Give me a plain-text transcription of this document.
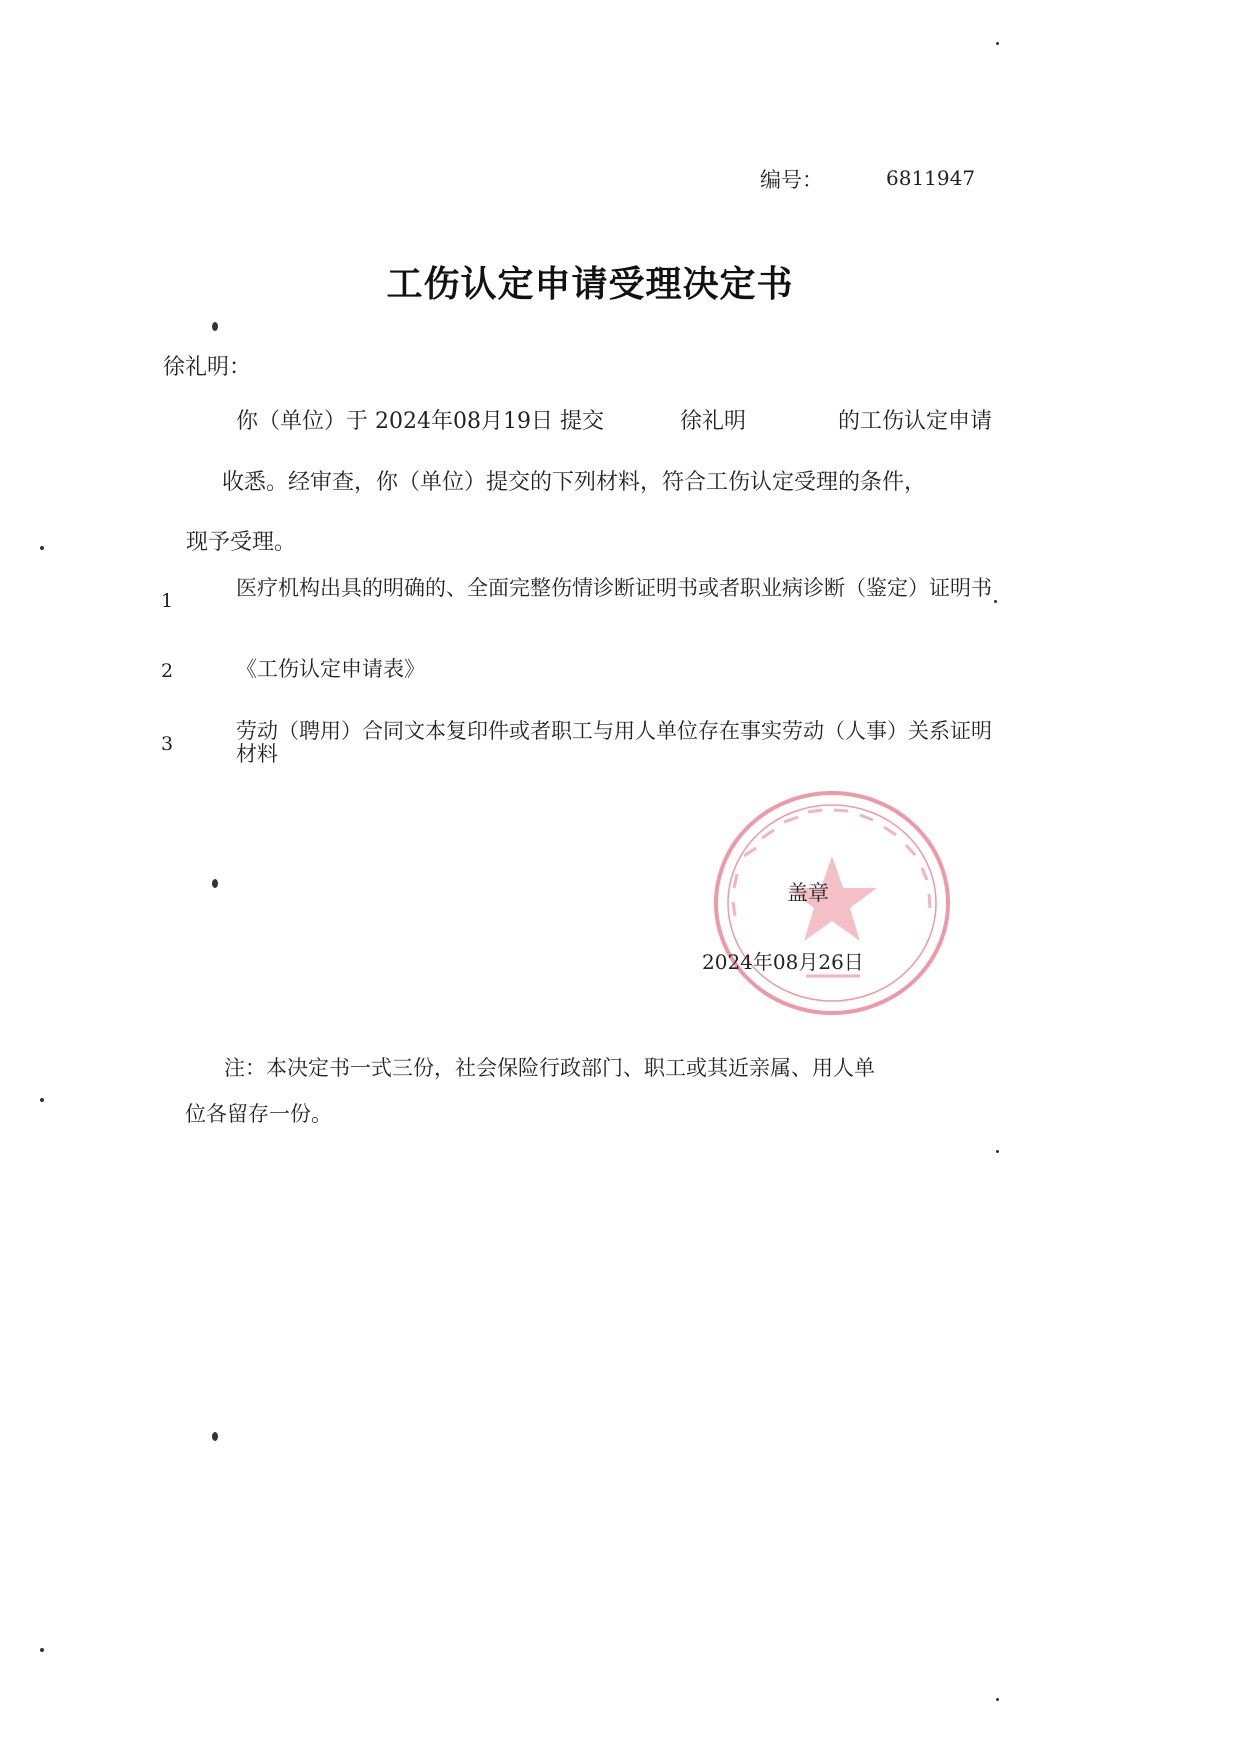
编号：	6811947
工伤认定申请受理决定书
徐礼明：
你（单位）于 2024年08月19日 提交	徐礼明	的工伤认定申请
收悉。经审查，你（单位）提交的下列材料，符合工伤认定受理的条件，
现予受理。
1
医疗机构出具的明确的、全面完整伤情诊断证明书或者职业病诊断（鉴定）证明书
2	《工伤认定申请表》
3
劳动（聘用）合同文本复印件或者职工与用人单位存在事实劳动（人事）关系证明材料
盖章
2024年08月26日
注：本决定书一式三份，社会保险行政部门、职工或其近亲属、用人单
位各留存一份。
